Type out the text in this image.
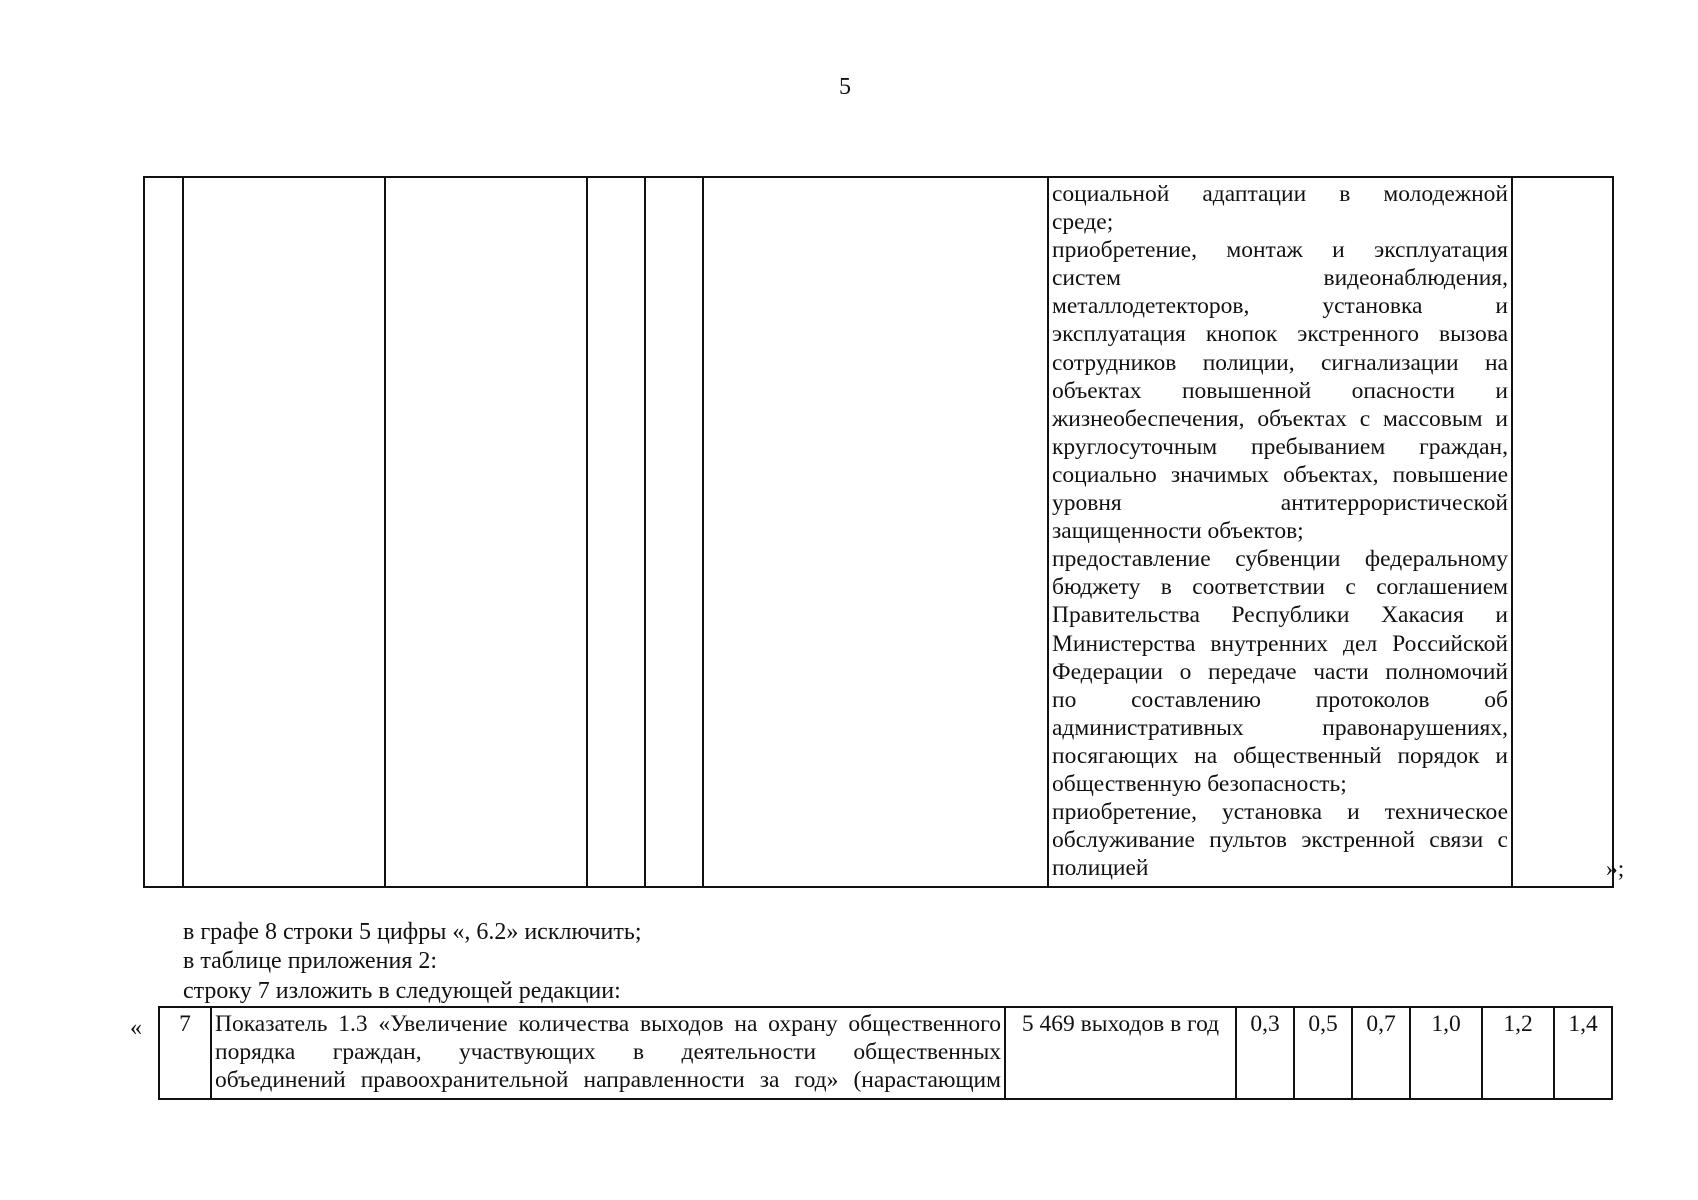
5

социальной адаптации в молодежной
среде;
приобретение, монтаж и эксплуатация
систем видеонаблюдения,
металлодетекторов, установка и
эксплуатация кнопок экстренного вызова
сотрудников полиции, сигнализации на
объектах повышенной опасности и
жизнеобеспечения, объектах с массовым и
круглосуточным пребыванием граждан,
социально значимых объектах, повышение
уровня антитеррористической
защищенности объектов;
предоставление субвенции федеральному
бюджету в соответствии с соглашением
Правительства Республики Хакасия и
Министерства внутренних дел Российской
Федерации о передаче части полномочий
по составлению протоколов об
административных правонарушениях,
посягающих на общественный порядок и
общественную безопасность;
приобретение, установка и техническое
обслуживание пультов экстренной связи с
полицией
		»;
в графе 8 строки 5 цифры «, 6.2» исключить;
в таблице приложения 2:
строку 7 изложить в следующей редакции:
« 7	Показатель 1.3 «Увеличение количества выходов на охрану общественного
порядка граждан, участвующих в деятельности общественных
объединений правоохранительной направленности за год» (нарастающим
	5 469 выходов в год	0,3	0,5	0,7	1,0	1,2	1,4
